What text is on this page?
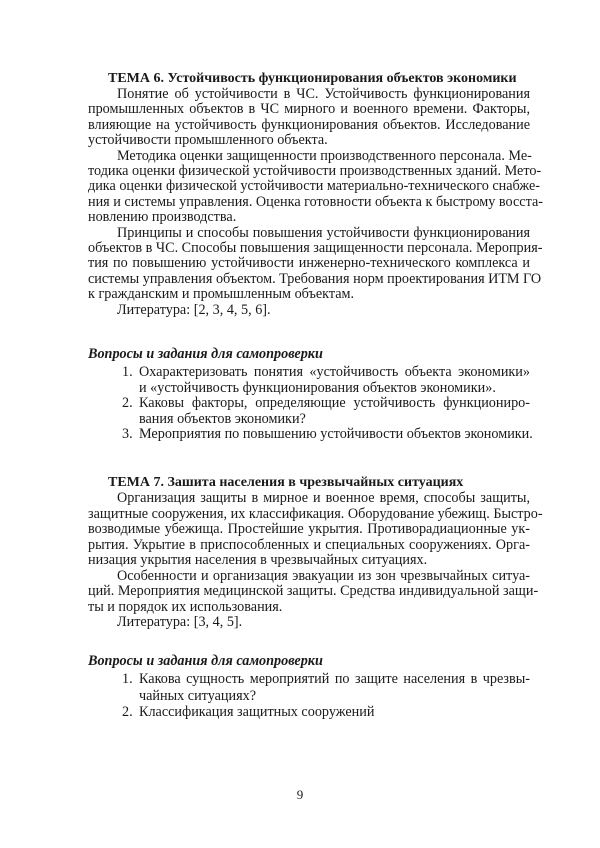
ТЕМА 6. Устойчивость функционирования объектов экономики
Понятие об устойчивости в ЧС. Устойчивость функционирования
промышленных объектов в ЧС мирного и военного времени. Факторы,
влияющие на устойчивость функционирования объектов. Исследование
устойчивости промышленного объекта.
Методика оценки защищенности производственного персонала. Ме-
тодика оценки физической устойчивости производственных зданий. Мето-
дика оценки физической устойчивости материально-технического снабже-
ния и системы управления. Оценка готовности объекта к быстрому восста-
новлению производства.
Принципы и способы повышения устойчивости функционирования
объектов в ЧС. Способы повышения защищенности персонала. Мероприя-
тия по повышению устойчивости инженерно-технического комплекса и
системы управления объектом. Требования норм проектирования ИТМ ГО
к гражданским и промышленным объектам.
Литература: [2, 3, 4, 5, 6].
Вопросы и задания для самопроверки
1. Охарактеризовать понятия «устойчивость объекта экономики»
и «устойчивость функционирования объектов экономики».
2. Каковы факторы, определяющие устойчивость функциониро-
вания объектов экономики?
3. Мероприятия по повышению устойчивости объектов экономики.
ТЕМА 7. Зашита населения в чрезвычайных ситуациях
Организация защиты в мирное и военное время, способы защиты,
защитные сооружения, их классификация. Оборудование убежищ. Быстро-
возводимые убежища. Простейшие укрытия. Противорадиационные ук-
рытия. Укрытие в приспособленных и специальных сооружениях. Орга-
низация укрытия населения в чрезвычайных ситуациях.
Особенности и организация эвакуации из зон чрезвычайных ситуа-
ций. Мероприятия медицинской защиты. Средства индивидуальной защи-
ты и порядок их использования.
Литература: [3, 4, 5].
Вопросы и задания для самопроверки
1. Какова сущность мероприятий по защите населения в чрезвы-
чайных ситуациях?
2. Классификация защитных сооружений
9
